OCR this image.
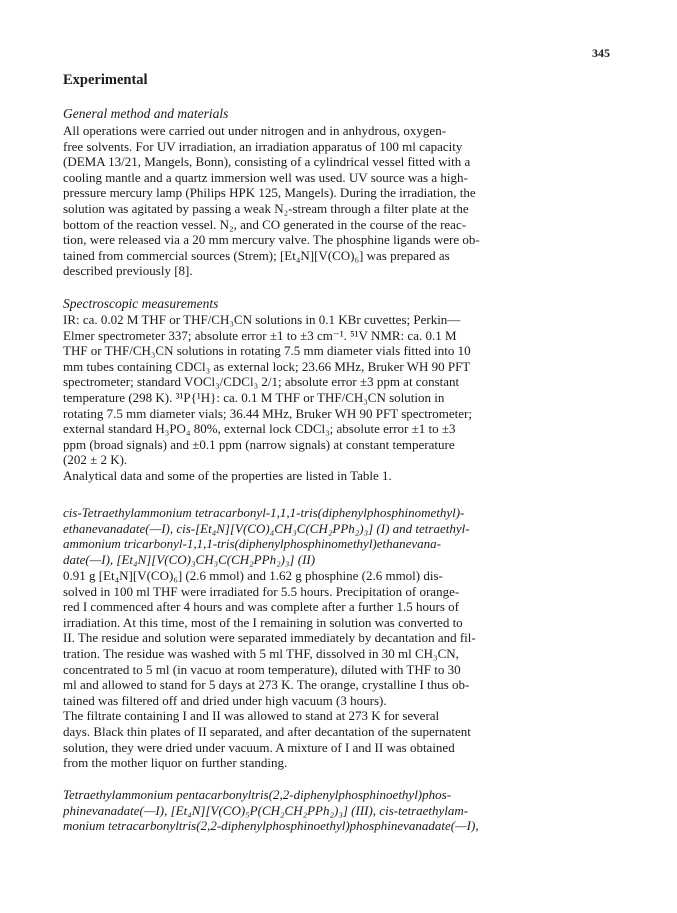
345
Experimental
General method and materials
All operations were carried out under nitrogen and in anhydrous, oxygen-
free solvents. For UV irradiation, an irradiation apparatus of 100 ml capacity
(DEMA 13/21, Mangels, Bonn), consisting of a cylindrical vessel fitted with a
cooling mantle and a quartz immersion well was used. UV source was a high-
pressure mercury lamp (Philips HPK 125, Mangels). During the irradiation, the
solution was agitated by passing a weak N₂-stream through a filter plate at the
bottom of the reaction vessel. N₂, and CO generated in the course of the reac-
tion, were released via a 20 mm mercury valve. The phosphine ligands were ob-
tained from commercial sources (Strem); [Et₄N][V(CO)₆] was prepared as
described previously [8].
Spectroscopic measurements
IR: ca. 0.02 M THF or THF/CH₃CN solutions in 0.1 KBr cuvettes; Perkin—
Elmer spectrometer 337; absolute error ±1 to ±3 cm⁻¹. ⁵¹V NMR: ca. 0.1 M
THF or THF/CH₃CN solutions in rotating 7.5 mm diameter vials fitted into 10
mm tubes containing CDCl₃ as external lock; 23.66 MHz, Bruker WH 90 PFT
spectrometer; standard VOCl₃/CDCl₃ 2/1; absolute error ±3 ppm at constant
temperature (298 K). ³¹P{¹H}: ca. 0.1 M THF or THF/CH₃CN solution in
rotating 7.5 mm diameter vials; 36.44 MHz, Bruker WH 90 PFT spectrometer;
external standard H₃PO₄ 80%, external lock CDCl₃; absolute error ±1 to ±3
ppm (broad signals) and ±0.1 ppm (narrow signals) at constant temperature
(202 ± 2 K).
Analytical data and some of the properties are listed in Table 1.
cis-Tetraethylammonium tetracarbonyl-1,1,1-tris(diphenylphosphinomethyl)-
ethanevanadate(—I), cis-[Et₄N][V(CO)₄CH₃C(CH₂PPh₂)₃] (I) and tetraethyl-
ammonium tricarbonyl-1,1,1-tris(diphenylphosphinomethyl)ethanevana-
date(—I), [Et₄N][V(CO)₃CH₃C(CH₂PPh₂)₃] (II)
0.91 g [Et₄N][V(CO)₆] (2.6 mmol) and 1.62 g phosphine (2.6 mmol) dis-
solved in 100 ml THF were irradiated for 5.5 hours. Precipitation of orange-
red I commenced after 4 hours and was complete after a further 1.5 hours of
irradiation. At this time, most of the I remaining in solution was converted to
II. The residue and solution were separated immediately by decantation and fil-
tration. The residue was washed with 5 ml THF, dissolved in 30 ml CH₃CN,
concentrated to 5 ml (in vacuo at room temperature), diluted with THF to 30
ml and allowed to stand for 5 days at 273 K. The orange, crystalline I thus ob-
tained was filtered off and dried under high vacuum (3 hours).
The filtrate containing I and II was allowed to stand at 273 K for several
days. Black thin plates of II separated, and after decantation of the supernatent
solution, they were dried under vacuum. A mixture of I and II was obtained
from the mother liquor on further standing.
Tetraethylammonium pentacarbonyltris(2,2-diphenylphosphinoethyl)phos-
phinevanadate(—I), [Et₄N][V(CO)₅P(CH₂CH₂PPh₂)₃] (III), cis-tetraethylam-
monium tetracarbonyltris(2,2-diphenylphosphinoethyl)phosphinevanadate(—I),
